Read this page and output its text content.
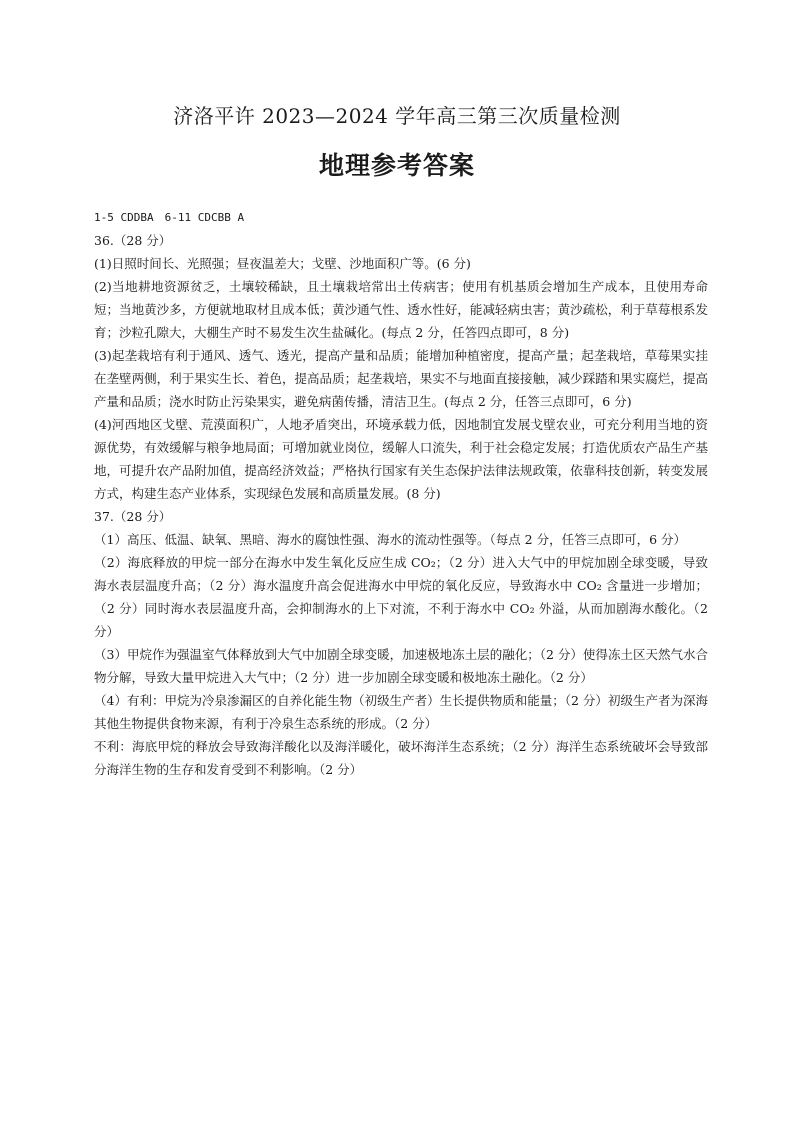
济洛平许 2023—2024 学年高三第三次质量检测
地理参考答案

1-5 CDDBA　6-11 CDCBB A

36.（28 分）

(1)日照时间长、光照强；昼夜温差大；戈壁、沙地面积广等。(6 分)

(2)当地耕地资源贫乏，土壤较稀缺，且土壤栽培常出土传病害；使用有机基质会增加生产成本，且使用寿命短；当地黄沙多，方便就地取材且成本低；黄沙通气性、透水性好，能减轻病虫害；黄沙疏松，利于草莓根系发育；沙粒孔隙大，大棚生产时不易发生次生盐碱化。(每点 2 分，任答四点即可，8 分)

(3)起垄栽培有利于通风、透气、透光，提高产量和品质；能增加种植密度，提高产量；起垄栽培，草莓果实挂在垄壁两侧，利于果实生长、着色，提高品质；起垄栽培，果实不与地面直接接触，减少踩踏和果实腐烂，提高产量和品质；浇水时防止污染果实，避免病菌传播，清洁卫生。(每点 2 分，任答三点即可，6 分)

(4)河西地区戈壁、荒漠面积广，人地矛盾突出，环境承载力低，因地制宜发展戈壁农业，可充分利用当地的资源优势，有效缓解与粮争地局面；可增加就业岗位，缓解人口流失，利于社会稳定发展；打造优质农产品生产基地，可提升农产品附加值，提高经济效益；严格执行国家有关生态保护法律法规政策，依靠科技创新，转变发展方式，构建生态产业体系，实现绿色发展和高质量发展。(8 分)

37.（28 分）

（1）高压、低温、缺氧、黑暗、海水的腐蚀性强、海水的流动性强等。（每点 2 分，任答三点即可，6 分）

（2）海底释放的甲烷一部分在海水中发生氧化反应生成 CO₂；（2 分）进入大气中的甲烷加剧全球变暖，导致海水表层温度升高；（2 分）海水温度升高会促进海水中甲烷的氧化反应，导致海水中 CO₂ 含量进一步增加；（2 分）同时海水表层温度升高，会抑制海水的上下对流，不利于海水中 CO₂ 外溢，从而加剧海水酸化。（2 分）

（3）甲烷作为强温室气体释放到大气中加剧全球变暖，加速极地冻土层的融化；（2 分）使得冻土区天然气水合物分解，导致大量甲烷进入大气中；（2 分）进一步加剧全球变暖和极地冻土融化。（2 分）

（4）有利：甲烷为冷泉渗漏区的自养化能生物（初级生产者）生长提供物质和能量；（2 分）初级生产者为深海其他生物提供食物来源，有利于冷泉生态系统的形成。（2 分）

不利：海底甲烷的释放会导致海洋酸化以及海洋暖化，破坏海洋生态系统；（2 分）海洋生态系统破坏会导致部分海洋生物的生存和发育受到不利影响。（2 分）
